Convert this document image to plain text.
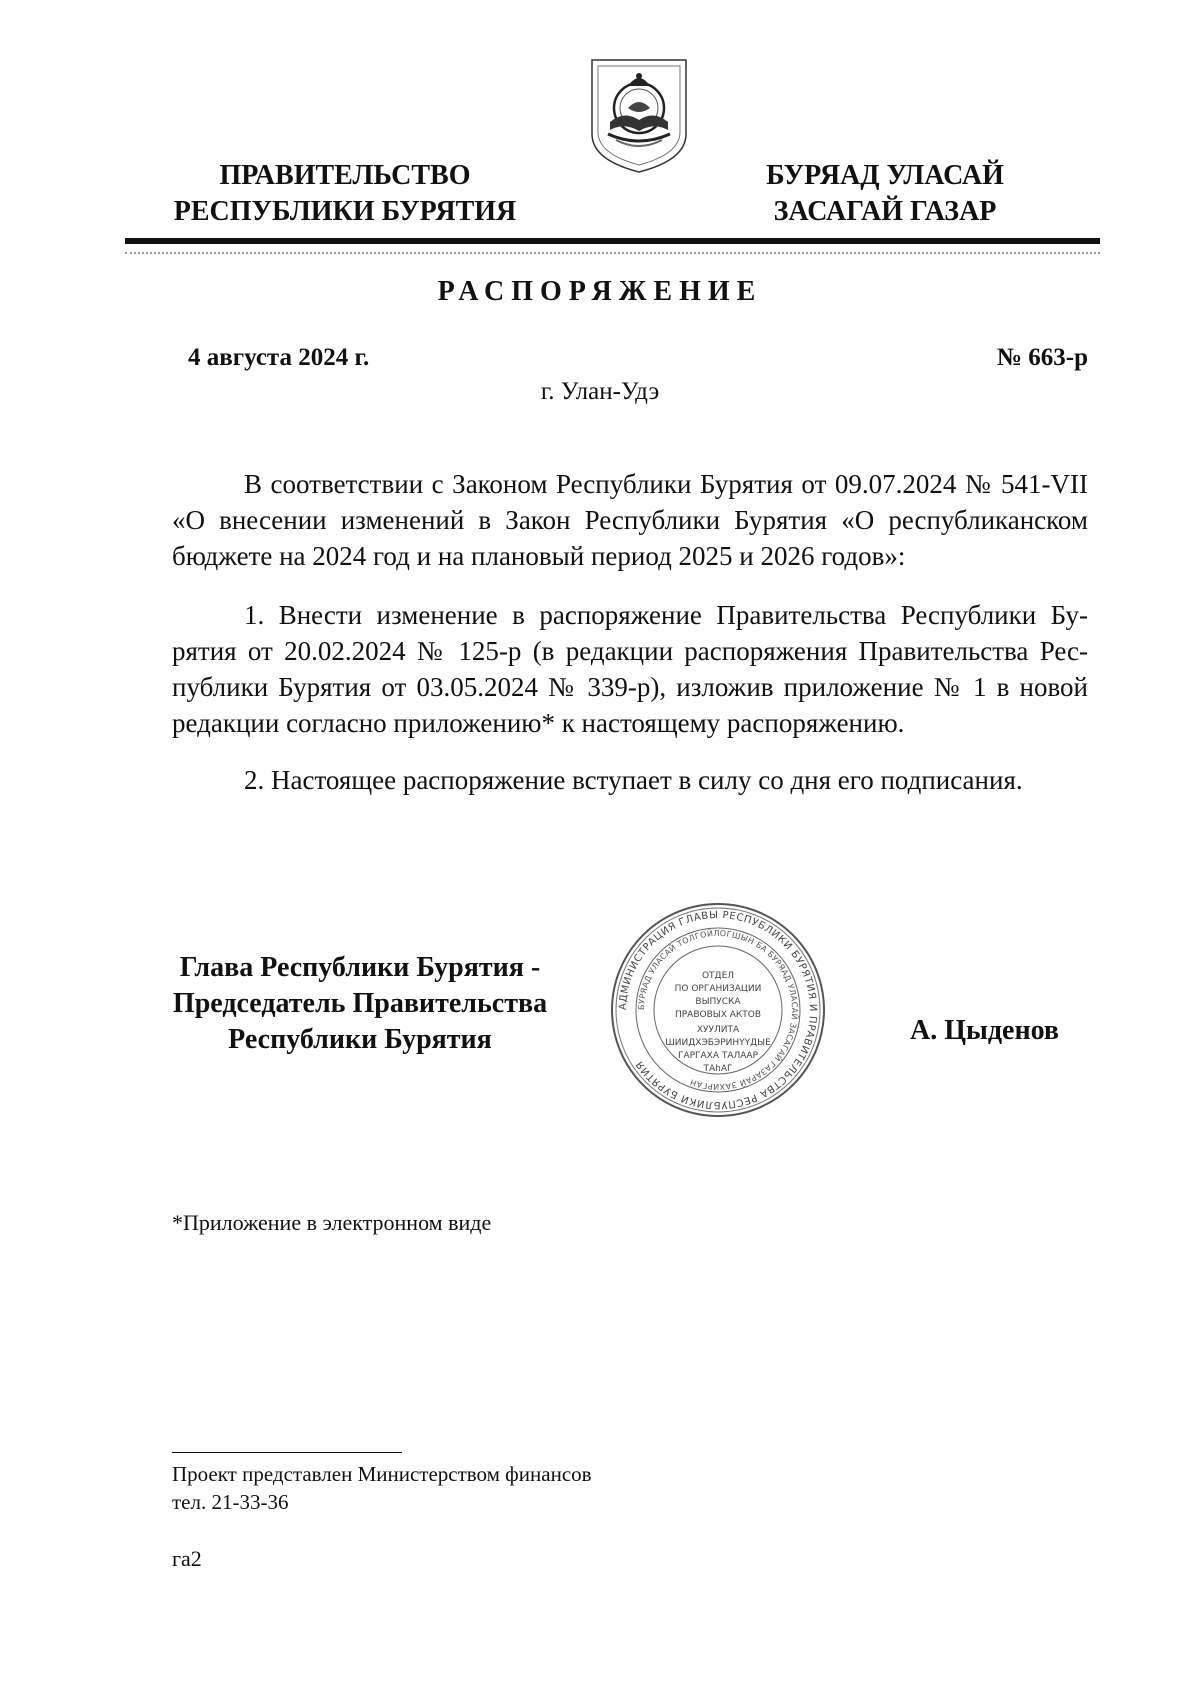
ПРАВИТЕЛЬСТВО
РЕСПУБЛИКИ БУРЯТИЯ
БУРЯАД УЛАСАЙ
ЗАСАГАЙ ГАЗАР
РАСПОРЯЖЕНИЕ
4 августа 2024 г.	№ 663-р
г. Улан-Удэ

В соответствии с Законом Республики Бурятия от 09.07.2024 № 541-VII «О внесении изменений в Закон Республики Бурятия «О республиканском бюджете на 2024 год и на плановый период 2025 и 2026 годов»:

1. Внести изменение в распоряжение Правительства Республики Бурятия от 20.02.2024 № 125-р (в редакции распоряжения Правительства Республики Бурятия от 03.05.2024 № 339-р), изложив приложение № 1 в новой редакции согласно приложению* к настоящему распоряжению.

2. Настоящее распоряжение вступает в силу со дня его подписания.

Глава Республики Бурятия -
Председатель Правительства
Республики Бурятия	А. Цыденов
АДМИНИСТРАЦИЯ ГЛАВЫ РЕСПУБЛИКИ БУРЯТИЯ И ПРАВИТЕЛЬСТВА РЕСПУБЛИКИ БУРЯТИЯ
БУРЯАД УЛАСАЙ ТОЛГОЙЛОГШЫН БА БУРЯАД УЛАСАЙ ЗАСАГАЙ ГАЗАРАЙ ЗАХИРГАН
ОТДЕЛ
ПО ОРГАНИЗАЦИИ
ВЫПУСКА
ПРАВОВЫХ АКТОВ
ХУУЛИТА
ШИИДХЭБЭРИНҮҮДЫЕ
ГАРГАХА ТАЛААР
ТАһАГ
*Приложение в электронном виде
Проект представлен Министерством финансов
тел. 21-33-36
га2
